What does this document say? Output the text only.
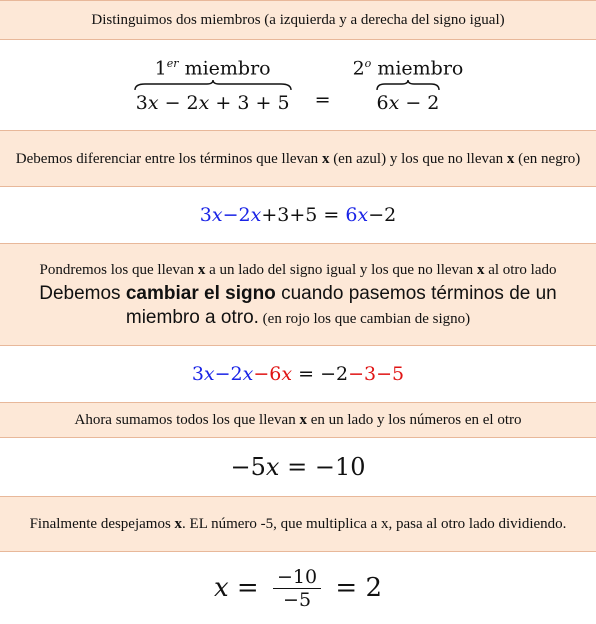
Distinguimos dos miembros (a izquierda y a derecha del signo igual)

1er miembro
3x − 2x + 3 + 5 =
$2^o$ miembro
6x − 2

Debemos diferenciar entre los términos que llevan x (en azul) y los que no llevan x (en negro)

3 x −2 x +3+5 = 6 x −2

Pondremos los que llevan x a un lado del signo igual y los que no llevan x al otro lado

Debemos cambiar el signo cuando pasemos términos de un miembro a otro. (en rojo los que cambian de signo)

3 x −2 x −6 x = −2 −3 −5

Ahora sumamos todos los que llevan x en un lado y los números en el otro

−5 x = −10

Finalmente despejamos x. EL número -5, que multiplica a x, pasa al otro lado dividiendo.

$x = \frac{-10}{-5} = 2$
